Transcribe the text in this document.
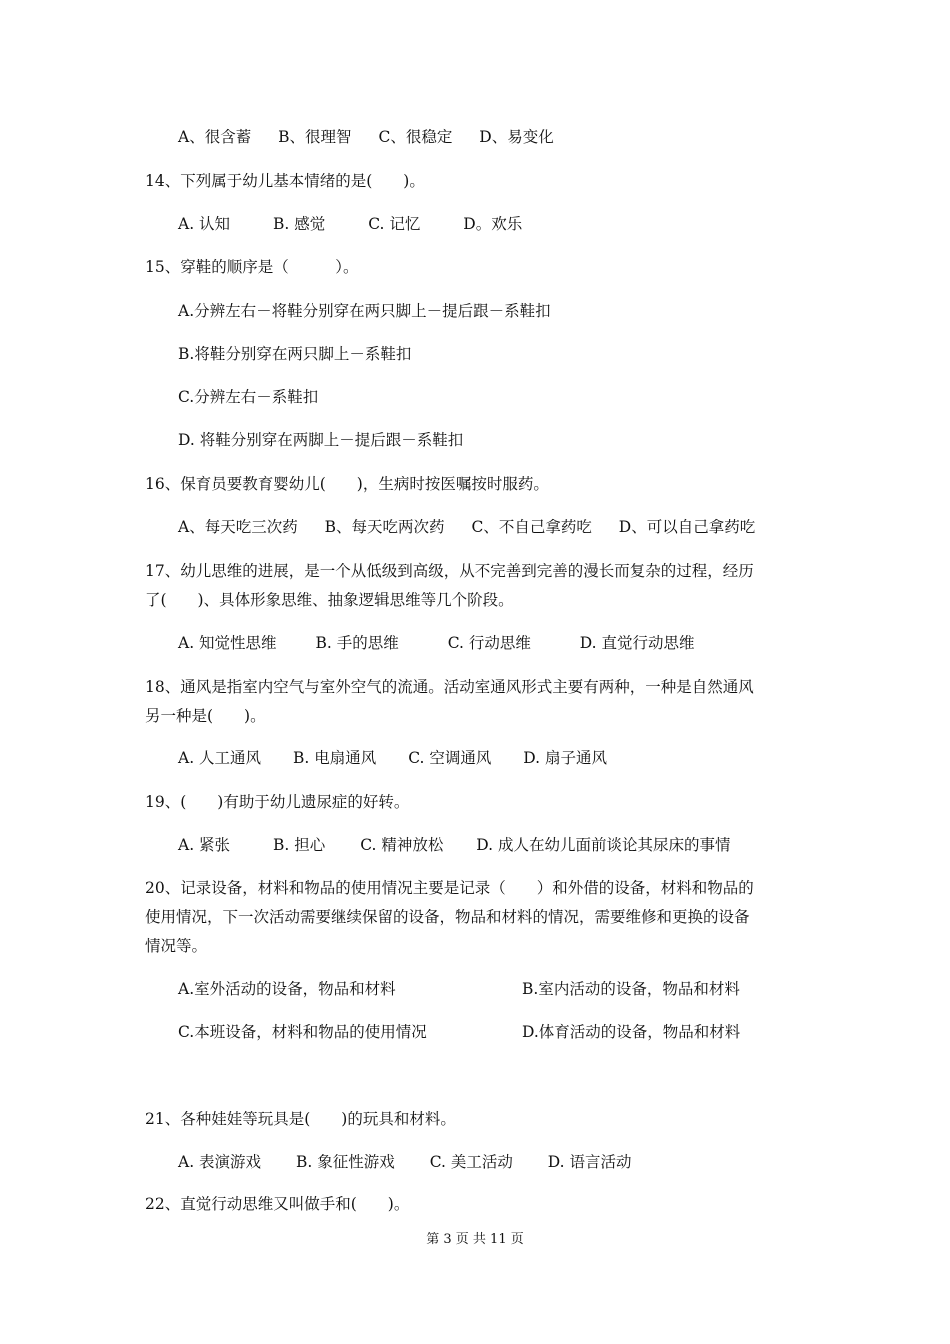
A、很含蓄 B、很理智 C、很稳定 D、易变化
14、下列属于幼儿基本情绪的是(　　)。
A. 认知	B. 感觉	C. 记忆	D。欢乐
15、穿鞋的顺序是（　　　）。
A.分辨左右－将鞋分别穿在两只脚上－提后跟－系鞋扣
B.将鞋分别穿在两只脚上－系鞋扣
C.分辨左右－系鞋扣
D. 将鞋分别穿在两脚上－提后跟－系鞋扣
16、保育员要教育婴幼儿(　　)，生病时按医嘱按时服药。
A、每天吃三次药 B、每天吃两次药 C、不自己拿药吃 D、可以自己拿药吃
17、幼儿思维的进展，是一个从低级到高级，从不完善到完善的漫长而复杂的过程，经历
了(　　)、具体形象思维、抽象逻辑思维等几个阶段。
A. 知觉性思维	B. 手的思维	C. 行动思维	D. 直觉行动思维
18、通风是指室内空气与室外空气的流通。活动室通风形式主要有两种，一种是自然通风
另一种是(　　)。
A. 人工通风 B. 电扇通风 C. 空调通风 D. 扇子通风
19、(　　)有助于幼儿遗尿症的好转。
A. 紧张	B. 担心 C. 精神放松 D. 成人在幼儿面前谈论其尿床的事情
20、记录设备，材料和物品的使用情况主要是记录（　　）和外借的设备，材料和物品的
使用情况，下一次活动需要继续保留的设备，物品和材料的情况，需要维修和更换的设备
情况等。
A.室外活动的设备，物品和材料	B.室内活动的设备，物品和材料
C.本班设备，材料和物品的使用情况	D.体育活动的设备，物品和材料
21、各种娃娃等玩具是(　　)的玩具和材料。
A. 表演游戏 B. 象征性游戏 C. 美工活动 D. 语言活动
22、直觉行动思维又叫做手和(　　)。
第 3 页 共 11 页
